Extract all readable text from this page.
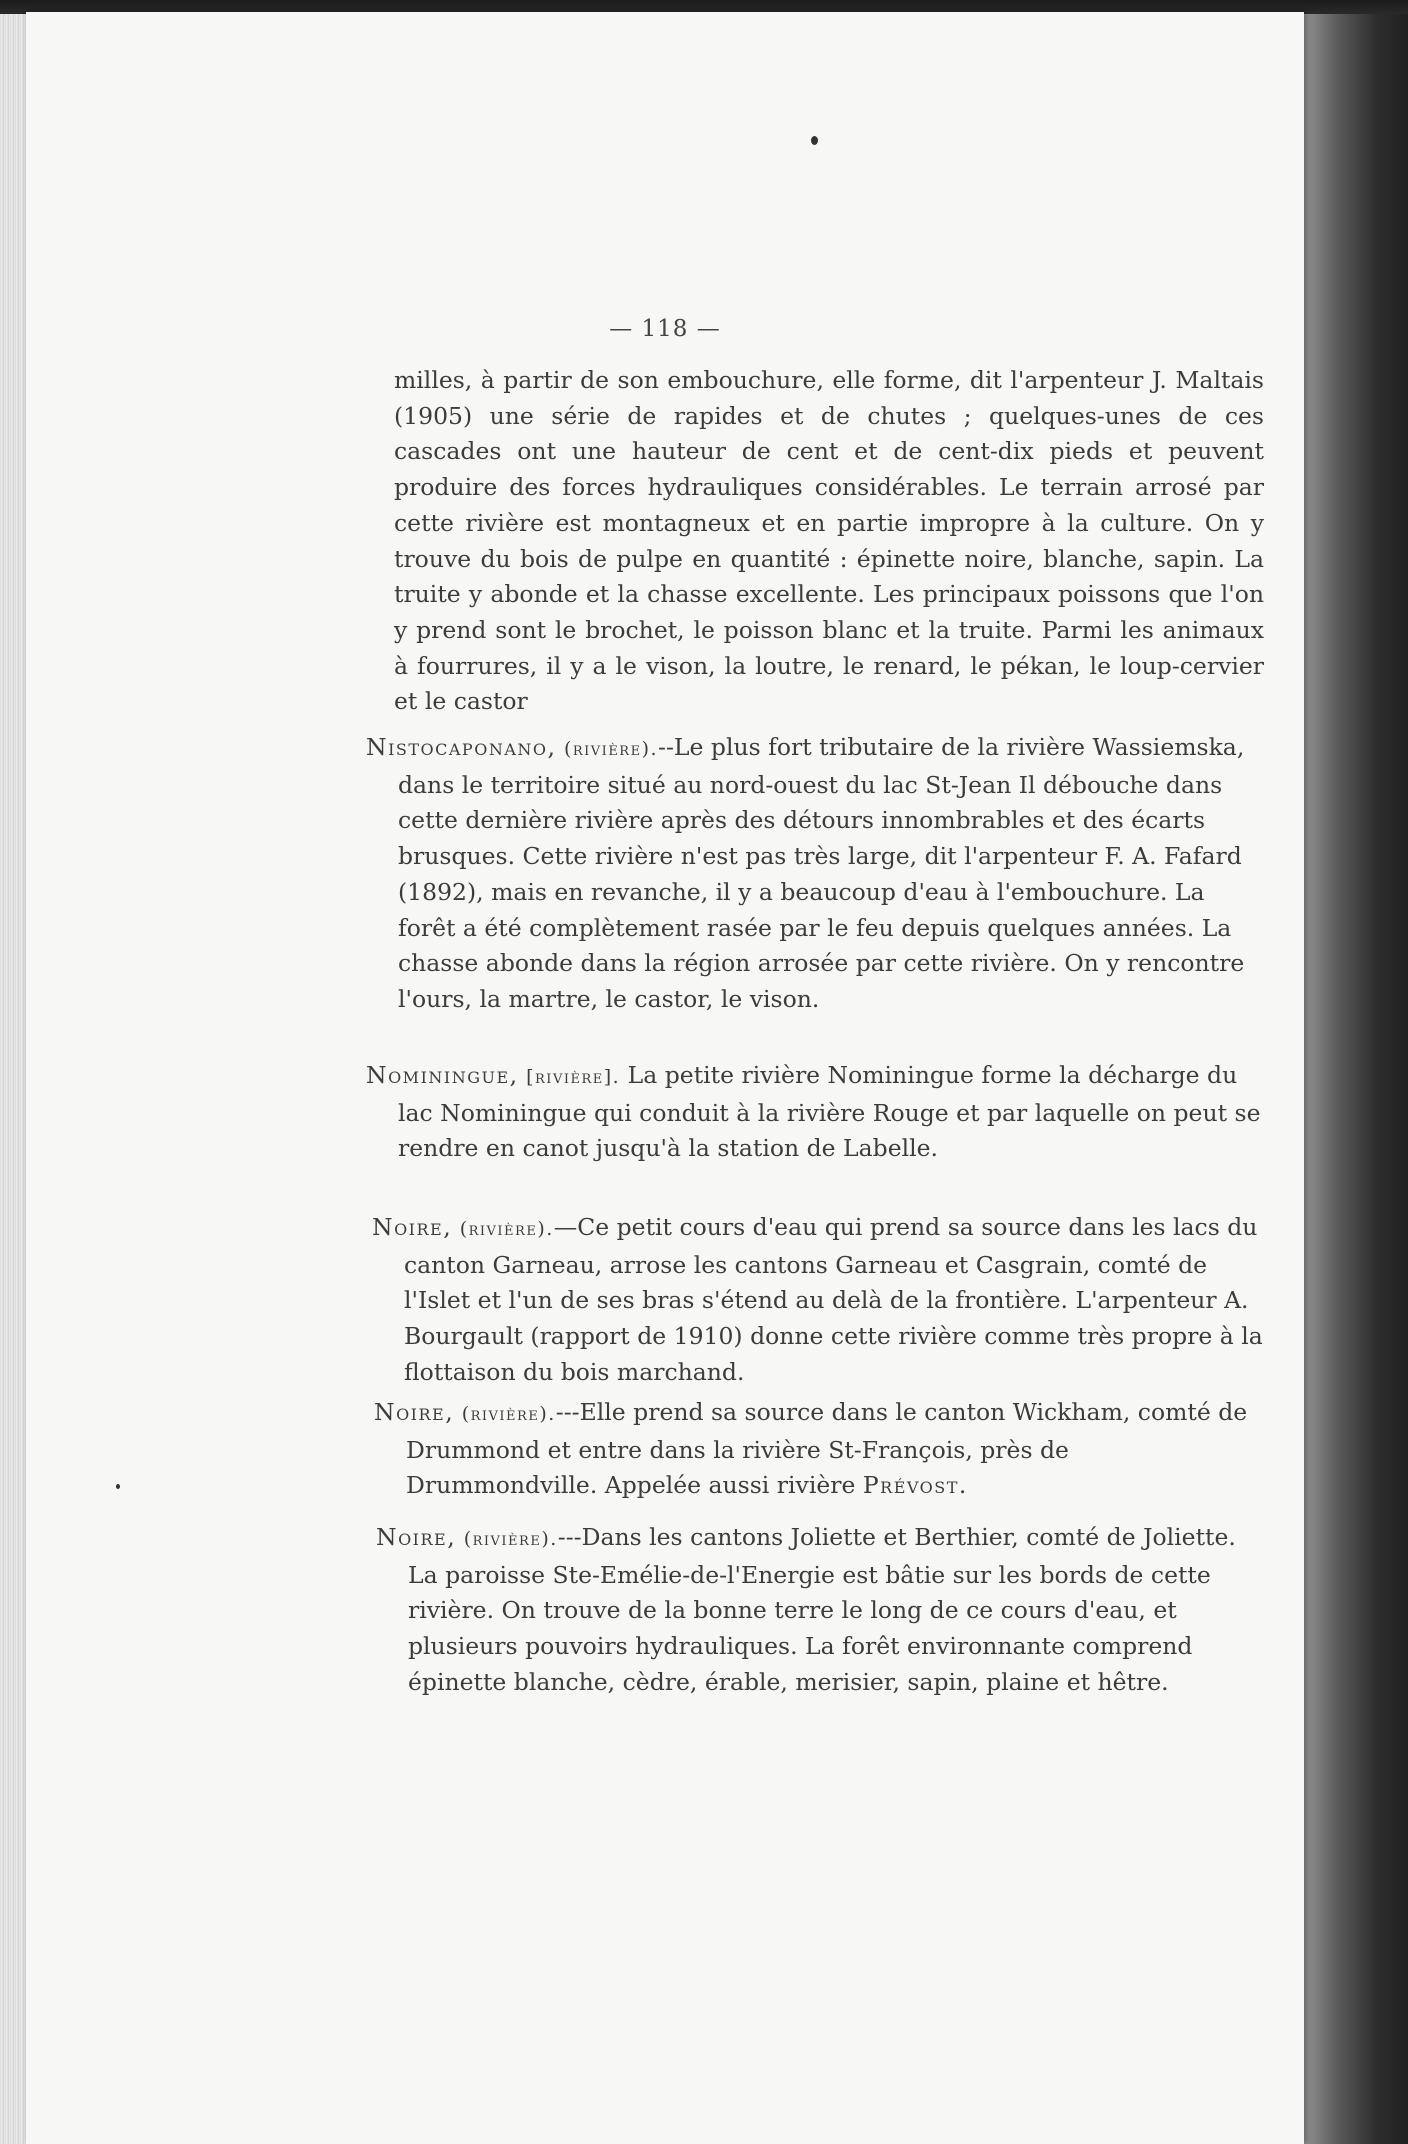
— 118 —

milles, à partir de son embouchure, elle forme, dit l'arpenteur J. Maltais (1905) une série de rapides et de chutes ; quelques-unes de ces cascades ont une hauteur de cent et de cent-dix pieds et peuvent produire des forces hydrauliques considérables. Le terrain arrosé par cette rivière est montagneux et en partie impropre à la culture. On y trouve du bois de pulpe en quantité : épinette noire, blanche, sapin. La truite y abonde et la chasse excellente. Les principaux poissons que l'on y prend sont le brochet, le poisson blanc et la truite. Parmi les animaux à fourrures, il y a le vison, la loutre, le renard, le pékan, le loup-cervier et le castor

Nistocaponano, (rivière).--Le plus fort tributaire de la rivière Wassiemska, dans le territoire situé au nord-ouest du lac St-Jean Il débouche dans cette dernière rivière après des détours innombrables et des écarts brusques. Cette rivière n'est pas très large, dit l'arpenteur F. A. Fafard (1892), mais en revanche, il y a beaucoup d'eau à l'embouchure. La forêt a été complètement rasée par le feu depuis quelques années. La chasse abonde dans la région arrosée par cette rivière. On y rencontre l'ours, la martre, le castor, le vison.

Nominingue, [rivière]. La petite rivière Nominingue forme la décharge du lac Nominingue qui conduit à la rivière Rouge et par laquelle on peut se rendre en canot jusqu'à la station de Labelle.

Noire, (rivière).—Ce petit cours d'eau qui prend sa source dans les lacs du canton Garneau, arrose les cantons Garneau et Casgrain, comté de l'Islet et l'un de ses bras s'étend au delà de la frontière. L'arpenteur A. Bourgault (rapport de 1910) donne cette rivière comme très propre à la flottaison du bois marchand.

Noire, (rivière).---Elle prend sa source dans le canton Wickham, comté de Drummond et entre dans la rivière St-François, près de Drummondville. Appelée aussi rivière Prévost.

Noire, (rivière).---Dans les cantons Joliette et Berthier, comté de Joliette. La paroisse Ste-Emélie-de-l'Energie est bâtie sur les bords de cette rivière. On trouve de la bonne terre le long de ce cours d'eau, et plusieurs pouvoirs hydrauliques. La forêt environnante comprend épinette blanche, cèdre, érable, merisier, sapin, plaine et hêtre.
